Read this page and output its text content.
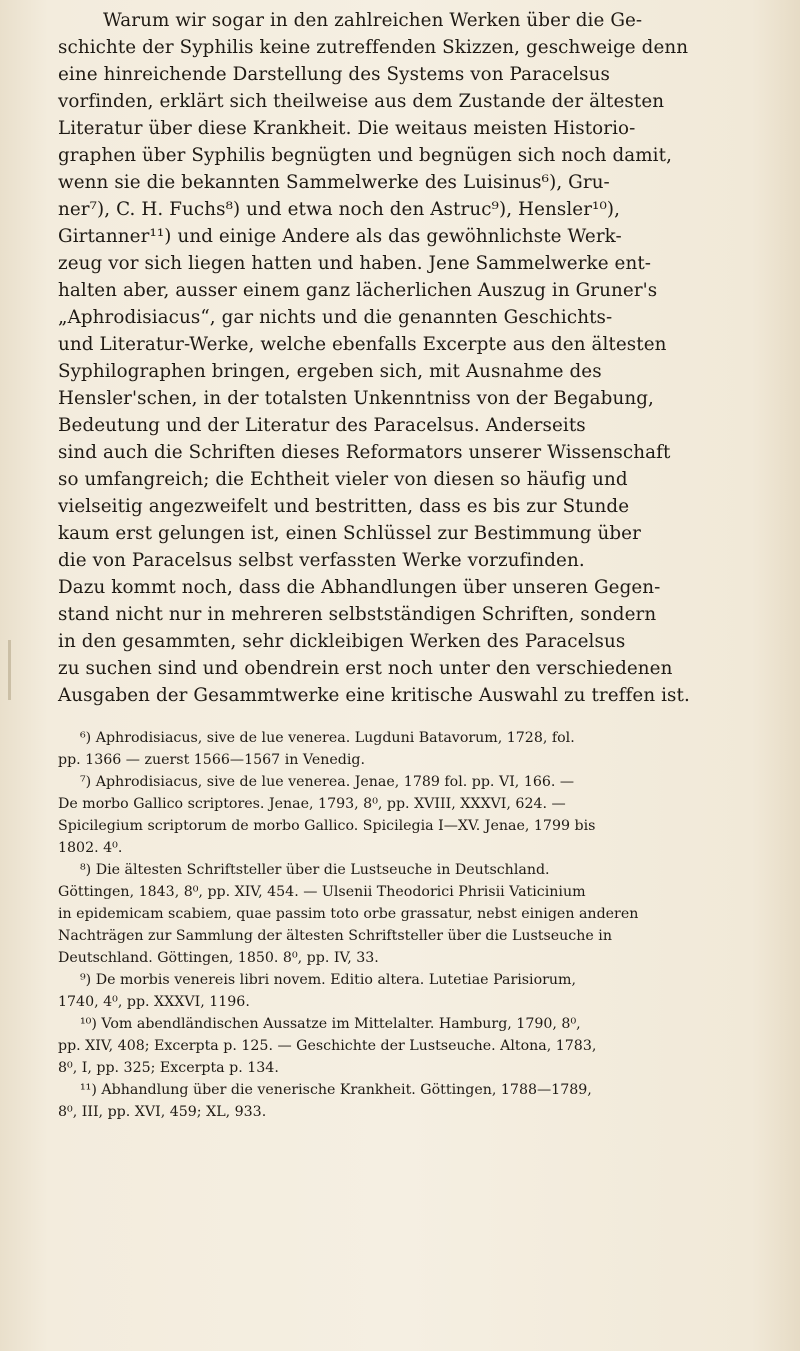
Warum wir sogar in den zahlreichen Werken über die Ge-
schichte der Syphilis keine zutreffenden Skizzen, geschweige denn
eine hinreichende Darstellung des Systems von Paracelsus
vorfinden, erklärt sich theilweise aus dem Zustande der ältesten
Literatur über diese Krankheit. Die weitaus meisten Historio-
graphen über Syphilis begnügten und begnügen sich noch damit,
wenn sie die bekannten Sammelwerke des Luisinus⁶), Gru-
ner⁷), C. H. Fuchs⁸) und etwa noch den Astruc⁹), Hensler¹⁰),
Girtanner¹¹) und einige Andere als das gewöhnlichste Werk-
zeug vor sich liegen hatten und haben. Jene Sammelwerke ent-
halten aber, ausser einem ganz lächerlichen Auszug in Gruner's
„Aphrodisiacus“, gar nichts und die genannten Geschichts-
und Literatur-Werke, welche ebenfalls Excerpte aus den ältesten
Syphilographen bringen, ergeben sich, mit Ausnahme des
Hensler'schen, in der totalsten Unkenntniss von der Begabung,
Bedeutung und der Literatur des Paracelsus. Anderseits
sind auch die Schriften dieses Reformators unserer Wissenschaft
so umfangreich; die Echtheit vieler von diesen so häufig und
vielseitig angezweifelt und bestritten, dass es bis zur Stunde
kaum erst gelungen ist, einen Schlüssel zur Bestimmung über
die von Paracelsus selbst verfassten Werke vorzufinden.
Dazu kommt noch, dass die Abhandlungen über unseren Gegen-
stand nicht nur in mehreren selbstständigen Schriften, sondern
in den gesammten, sehr dickleibigen Werken des Paracelsus
zu suchen sind und obendrein erst noch unter den verschiedenen
Ausgaben der Gesammtwerke eine kritische Auswahl zu treffen ist.
⁶) Aphrodisiacus, sive de lue venerea. Lugduni Batavorum, 1728, fol.
pp. 1366 — zuerst 1566—1567 in Venedig.
⁷) Aphrodisiacus, sive de lue venerea. Jenae, 1789 fol. pp. VI, 166. —
De morbo Gallico scriptores. Jenae, 1793, 8⁰, pp. XVIII, XXXVI, 624. —
Spicilegium scriptorum de morbo Gallico. Spicilegia I—XV. Jenae, 1799 bis
1802. 4⁰.
⁸) Die ältesten Schriftsteller über die Lustseuche in Deutschland.
Göttingen, 1843, 8⁰, pp. XIV, 454. — Ulsenii Theodorici Phrisii Vaticinium
in epidemicam scabiem, quae passim toto orbe grassatur, nebst einigen anderen
Nachträgen zur Sammlung der ältesten Schriftsteller über die Lustseuche in
Deutschland. Göttingen, 1850. 8⁰, pp. IV, 33.
⁹) De morbis venereis libri novem. Editio altera. Lutetiae Parisiorum,
1740, 4⁰, pp. XXXVI, 1196.
¹⁰) Vom abendländischen Aussatze im Mittelalter. Hamburg, 1790, 8⁰,
pp. XIV, 408; Excerpta p. 125. — Geschichte der Lustseuche. Altona, 1783,
8⁰, I, pp. 325; Excerpta p. 134.
¹¹) Abhandlung über die venerische Krankheit. Göttingen, 1788—1789,
8⁰, III, pp. XVI, 459; XL, 933.
